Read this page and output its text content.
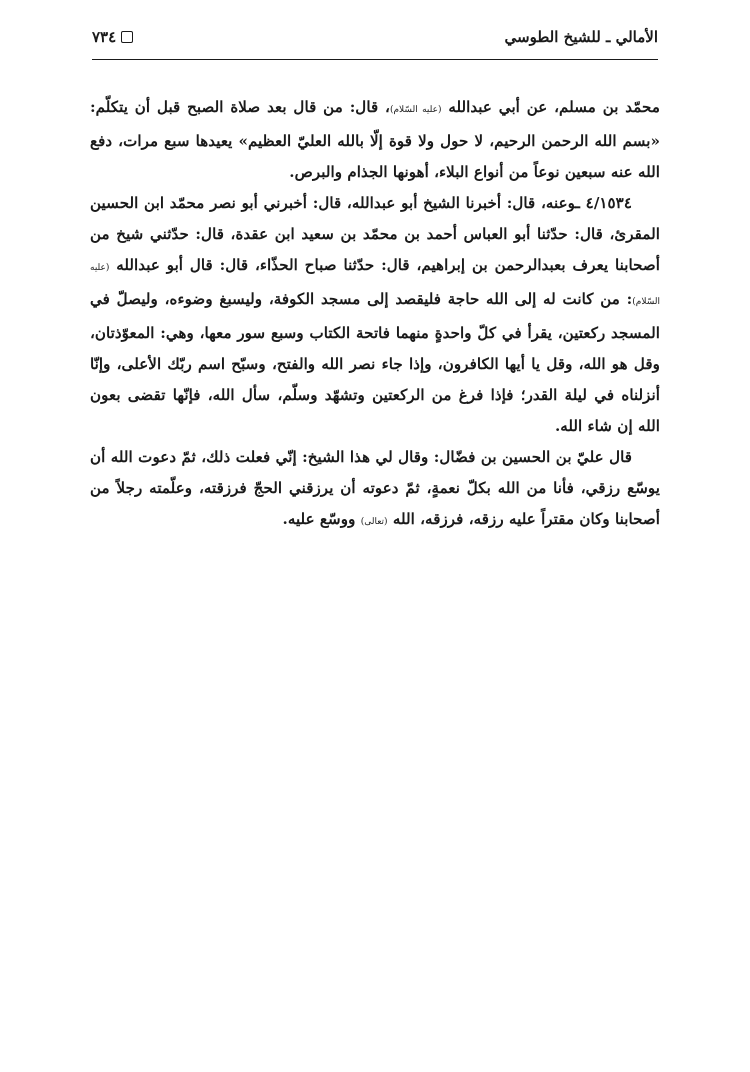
الأمالي ـ للشيخ الطوسي
٧٣٤

محمّد بن مسلم، عن أبي عبدالله (عليه السّلام)، قال: من قال بعد صلاة الصبح قبل أن يتكلّم: «بسم الله الرحمن الرحيم، لا حول ولا قوة إلّا بالله العليّ العظيم» يعيدها سبع مرات، دفع الله عنه سبعين نوعاً من أنواع البلاء، أهونها الجذام والبرص.

٤/١٥٣٤ ـوعنه، قال: أخبرنا الشيخ أبو عبدالله، قال: أخبرني أبو نصر محمّد ابن الحسين المقرئ، قال: حدّثنا أبو العباس أحمد بن محمّد بن سعيد ابن عقدة، قال: حدّثني شيخ من أصحابنا يعرف بعبدالرحمن بن إبراهيم، قال: حدّثنا صباح الحذّاء، قال: قال أبو عبدالله (عليه السّلام): من كانت له إلى الله حاجة فليقصد إلى مسجد الكوفة، وليسبغ وضوءه، وليصلّ في المسجد ركعتين، يقرأ في كلّ واحدةٍ منهما فاتحة الكتاب وسبع سور معها، وهي: المعوّذتان، وقل هو الله، وقل يا أيها الكافرون، وإذا جاء نصر الله والفتح، وسبّح اسم ربّك الأعلى، وإنّا أنزلناه في ليلة القدر؛ فإذا فرغ من الركعتين وتشهّد وسلّم، سأل الله، فإنّها تقضى بعون الله إن شاء الله.

قال عليّ بن الحسين بن فضّال: وقال لي هذا الشيخ: إنّي فعلت ذلك، ثمّ دعوت الله أن يوسّع رزقي، فأنا من الله بكلّ نعمةٍ، ثمّ دعوته أن يرزقني الحجّ فرزقته، وعلّمته رجلاً من أصحابنا وكان مقتراً عليه رزقه، فرزقه، الله (تعالى) ووسّع عليه.
